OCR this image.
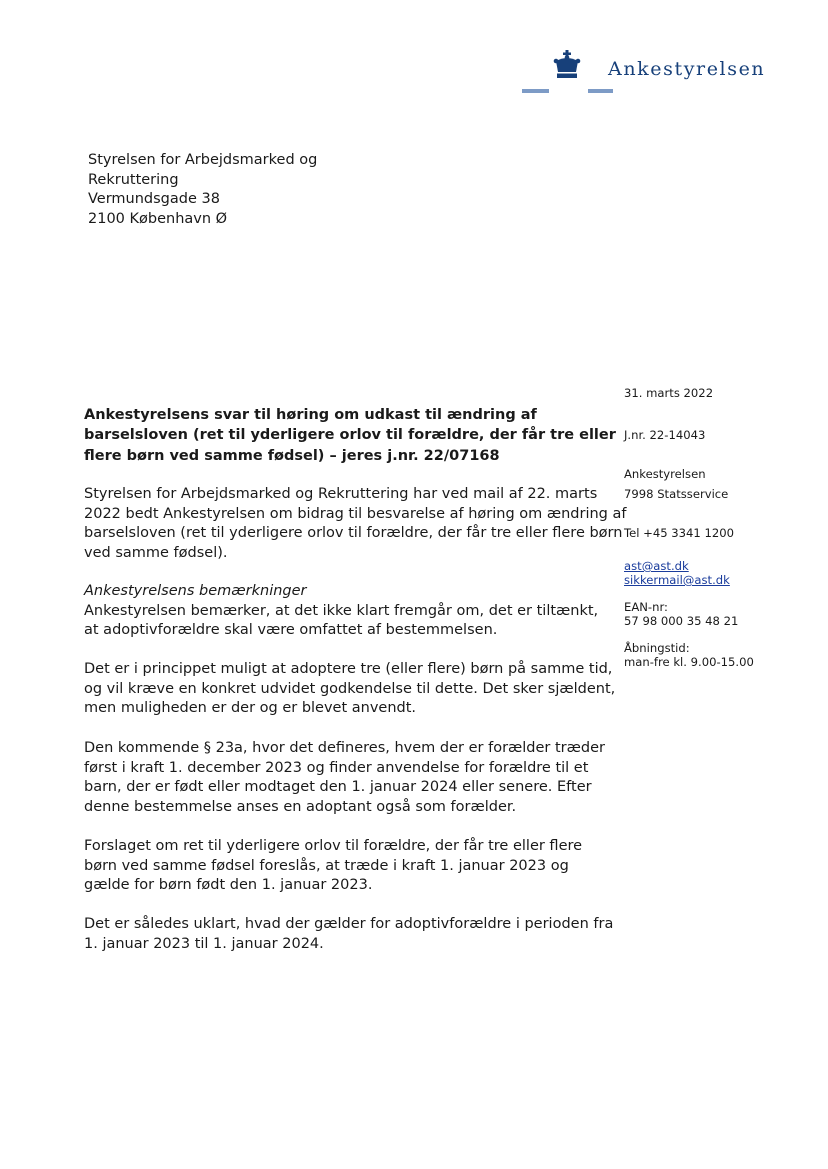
Ankestyrelsen
Styrelsen for Arbejdsmarked og
Rekruttering
Vermundsgade 38
2100 København Ø
31. marts 2022
J.nr. 22-14043
Ankestyrelsen
7998 Statsservice
Tel +45 3341 1200
ast@ast.dk
sikkermail@ast.dk
EAN-nr:
57 98 000 35 48 21
Åbningstid:
man-fre kl. 9.00-15.00
Ankestyrelsens svar til høring om udkast til ændring af
barselsloven (ret til yderligere orlov til forældre, der får tre eller
flere børn ved samme fødsel) – jeres j.nr. 22/07168
Styrelsen for Arbejdsmarked og Rekruttering har ved mail af 22. marts
2022 bedt Ankestyrelsen om bidrag til besvarelse af høring om ændring af
barselsloven (ret til yderligere orlov til forældre, der får tre eller flere børn
ved samme fødsel).
Ankestyrelsens bemærkninger
Ankestyrelsen bemærker, at det ikke klart fremgår om, det er tiltænkt,
at adoptivforældre skal være omfattet af bestemmelsen.
Det er i princippet muligt at adoptere tre (eller flere) børn på samme tid,
og vil kræve en konkret udvidet godkendelse til dette. Det sker sjældent,
men muligheden er der og er blevet anvendt.
Den kommende § 23a, hvor det defineres, hvem der er forælder træder
først i kraft 1. december 2023 og finder anvendelse for forældre til et
barn, der er født eller modtaget den 1. januar 2024 eller senere. Efter
denne bestemmelse anses en adoptant også som forælder.
Forslaget om ret til yderligere orlov til forældre, der får tre eller flere
børn ved samme fødsel foreslås, at træde i kraft 1. januar 2023 og
gælde for børn født den 1. januar 2023.
Det er således uklart, hvad der gælder for adoptivforældre i perioden fra
1. januar 2023 til 1. januar 2024.
